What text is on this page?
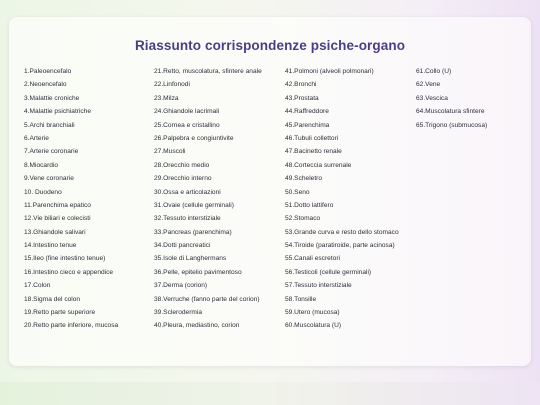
Riassunto corrispondenze psiche-organo
1.Paleoencefalo
2.Neoencefalo
3.Malattie croniche
4.Malattie psichiatriche
5.Archi branchiali
6.Arterie
7.Arterie coronarie
8.Miocardio
9.Vene coronarie
10. Duodeno
11.Parenchima epatico
12.Vie biliari e colecisti
13.Ghiandole salivari
14.Intestino tenue
15.Ileo (fine intestino tenue)
16.Intestino cieco e appendice
17.Colon
18.Sigma del colon
19.Retto parte superiore
20.Retto parte inferiore, mucosa
21.Retto, muscolatura, sfintere anale
22.Linfonodi
23.Milza
24.Ghiandole lacrimali
25.Cornea e cristallino
26.Palpebra e congiuntivite
27.Muscoli
28.Orecchio medio
29.Orecchio interno
30.Ossa e articolazioni
31.Ovaie (cellule germinali)
32.Tessuto interstiziale
33.Pancreas (parenchima)
34.Dotti pancreatici
35.Isole di Langhermans
36.Pelle, epitelio pavimentoso
37.Derma (corion)
38.Verruche (fanno parte del corion)
39.Sclerodermia
40.Pleura, mediastino, corion
41.Polmoni (alveoli polmonari)
42.Bronchi
43.Prostata
44.Raffreddore
45.Parenchima
46.Tubuli collettori
47.Bacinetto renale
48.Corteccia surrenale
49.Scheletro
50.Seno
51.Dotto lattifero
52.Stomaco
53.Grande curva e resto dello stomaco
54.Tiroide (paratiroide, parte acinosa)
55.Canali escretori
56.Testicoli (cellule germinali)
57.Tessuto interstiziale
58.Tonsille
59.Utero (mucosa)
60.Muscolatura (U)
61.Collo (U)
62.Vene
63.Vescica
64.Muscolatura sfintere
65.Trigono (submucosa)
